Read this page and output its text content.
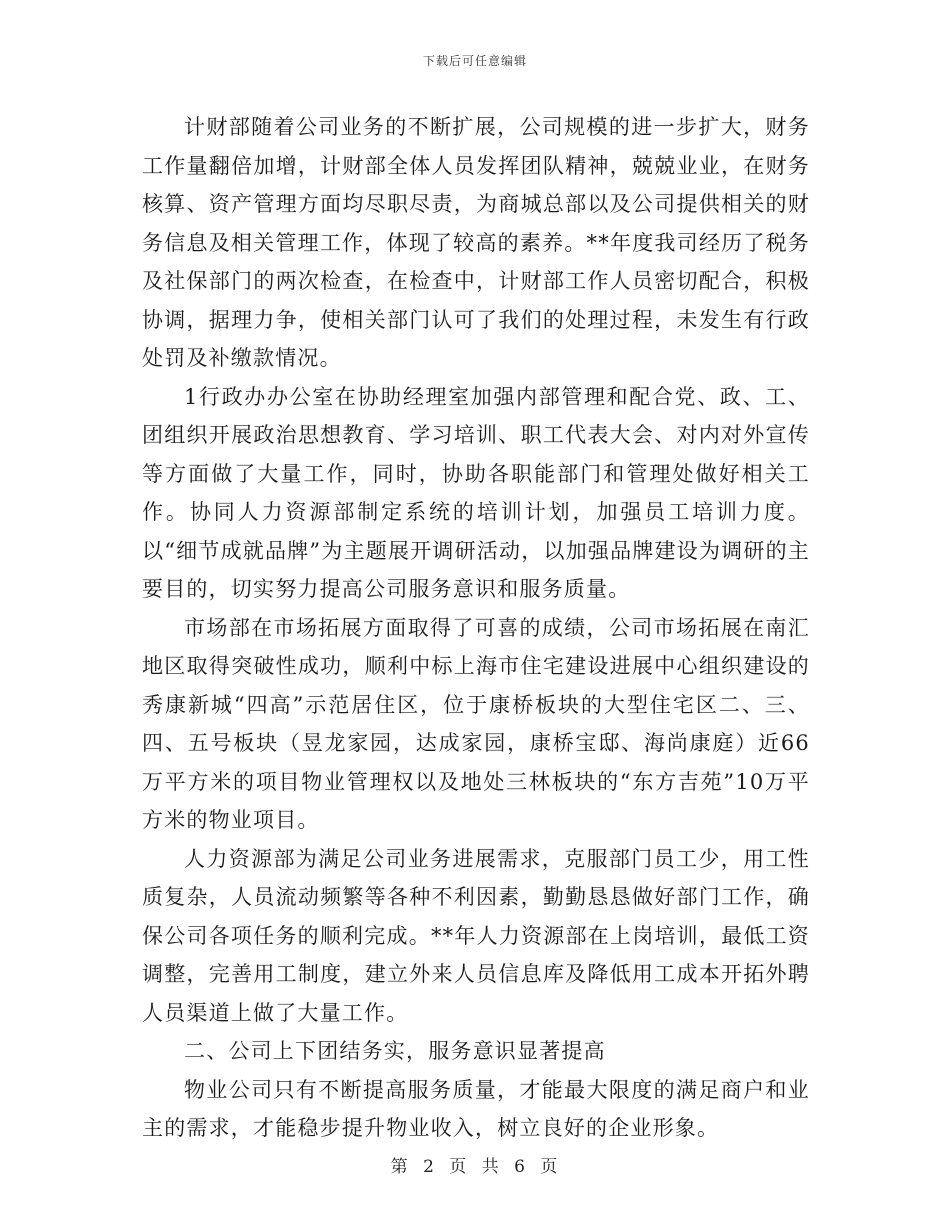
下载后可任意编辑

计财部随着公司业务的不断扩展，公司规模的进一步扩大，财务工作量翻倍加增，计财部全体人员发挥团队精神，兢兢业业，在财务核算、资产管理方面均尽职尽责，为商城总部以及公司提供相关的财务信息及相关管理工作，体现了较高的素养。**年度我司经历了税务及社保部门的两次检查，在检查中，计财部工作人员密切配合，积极协调，据理力争，使相关部门认可了我们的处理过程，未发生有行政处罚及补缴款情况。

1行政办办公室在协助经理室加强内部管理和配合党、政、工、团组织开展政治思想教育、学习培训、职工代表大会、对内对外宣传等方面做了大量工作，同时，协助各职能部门和管理处做好相关工作。协同人力资源部制定系统的培训计划，加强员工培训力度。以“细节成就品牌”为主题展开调研活动，以加强品牌建设为调研的主要目的，切实努力提高公司服务意识和服务质量。

市场部在市场拓展方面取得了可喜的成绩，公司市场拓展在南汇地区取得突破性成功，顺利中标上海市住宅建设进展中心组织建设的秀康新城“四高”示范居住区，位于康桥板块的大型住宅区二、三、四、五号板块（昱龙家园，达成家园，康桥宝邸、海尚康庭）近66万平方米的项目物业管理权以及地处三林板块的“东方吉苑”10万平方米的物业项目。

人力资源部为满足公司业务进展需求，克服部门员工少，用工性质复杂，人员流动频繁等各种不利因素，勤勤恳恳做好部门工作，确保公司各项任务的顺利完成。**年人力资源部在上岗培训，最低工资调整，完善用工制度，建立外来人员信息库及降低用工成本开拓外聘人员渠道上做了大量工作。

二、公司上下团结务实，服务意识显著提高

物业公司只有不断提高服务质量，才能最大限度的满足商户和业主的需求，才能稳步提升物业收入，树立良好的企业形象。

第 2 页 共 6 页
